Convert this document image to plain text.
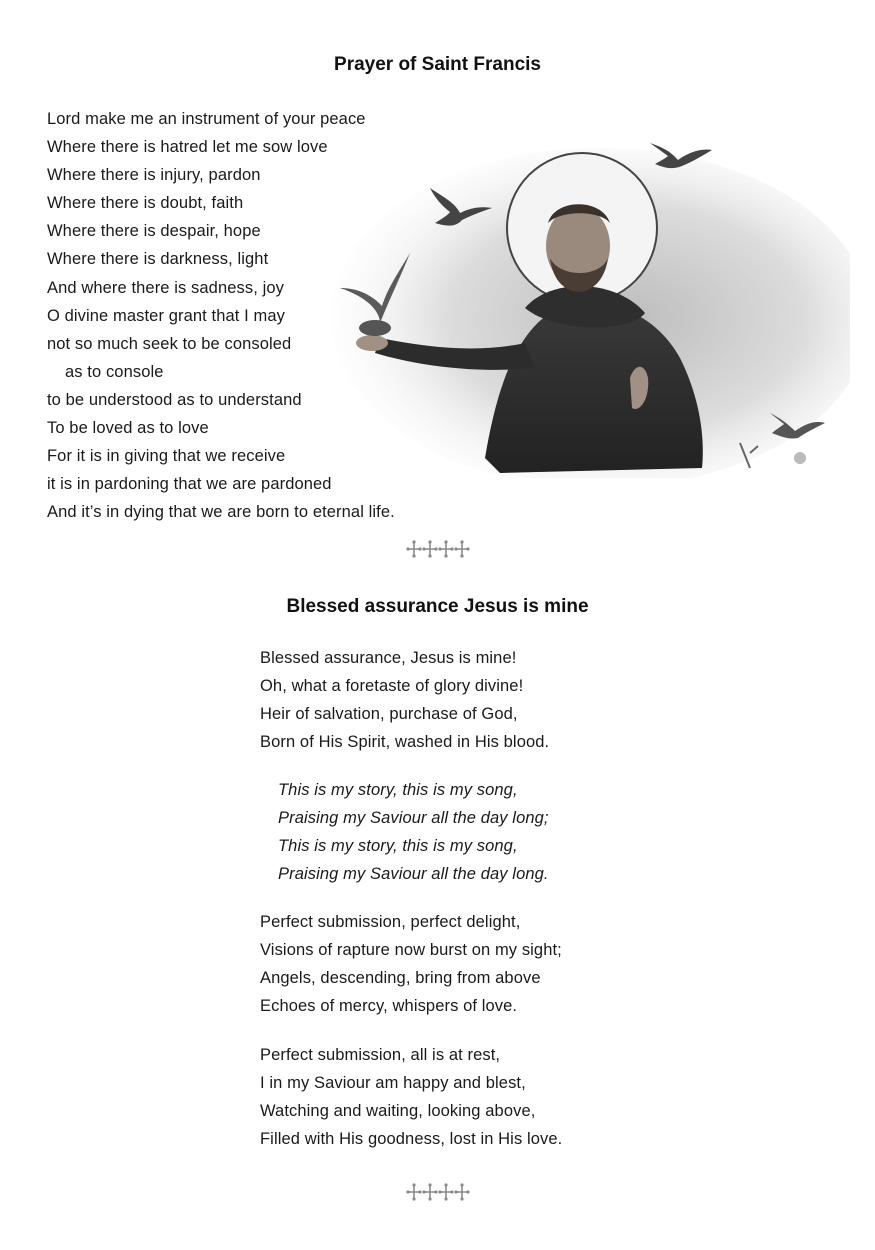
Prayer of Saint Francis
Lord make me an instrument of your peace
Where there is hatred let me sow love
Where there is injury, pardon
Where there is doubt, faith
Where there is despair, hope
Where there is darkness, light
And where there is sadness, joy
O divine master grant that I may
not so much seek to be consoled
as to console
to be understood as to understand
To be loved as to love
For it is in giving that we receive
it is in pardoning that we are pardoned
And it’s in dying that we are born to eternal life.
Blessed assurance Jesus is mine
Blessed assurance, Jesus is mine!
Oh, what a foretaste of glory divine!
Heir of salvation, purchase of God,
Born of His Spirit, washed in His blood.
This is my story, this is my song,
Praising my Saviour all the day long;
This is my story, this is my song,
Praising my Saviour all the day long.
Perfect submission, perfect delight,
Visions of rapture now burst on my sight;
Angels, descending, bring from above
Echoes of mercy, whispers of love.
Perfect submission, all is at rest,
I in my Saviour am happy and blest,
Watching and waiting, looking above,
Filled with His goodness, lost in His love.
